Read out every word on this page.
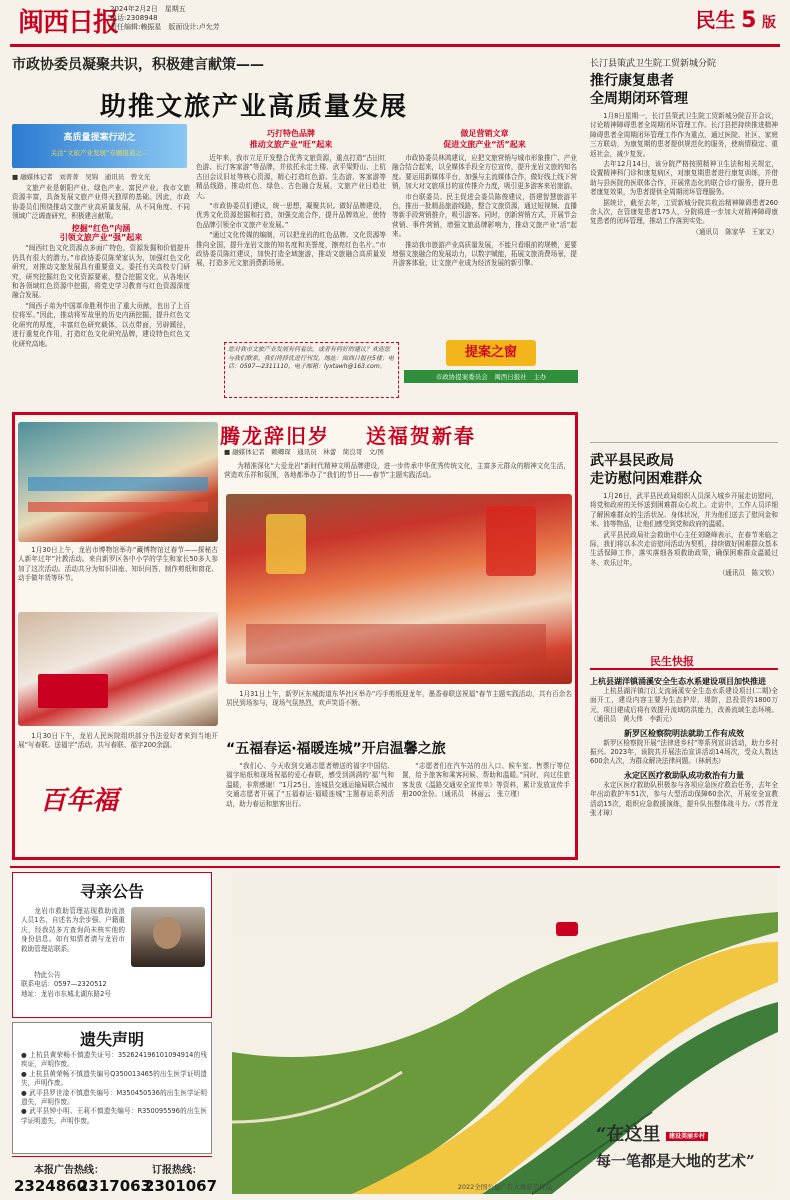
闽西日报
2024年2月2日　星期五
电话:2308948
责任编辑:赖振星　版面设计:卢允芳	民生 5 版
市政协委员凝聚共识，积极建言献策——
助推文旅产业高质量发展
高质量提案行动之
关注“文旅产业发展”专题报道之二
■ 融媒体记者　刘菁菁　吴锦　通讯员　曾文光

文旅产业是朝阳产业、绿色产业、富民产业。我市文旅资源丰富，具备发展文旅产业得天独厚的基础。因此，市政协委员们围绕推动文旅产业高质量发展，从不同角度、不同领域广泛调查研究，积极建言献策。

挖掘“红色”内涵
引领文旅产业“强”起来

“闽西红色文化资源点多面广特色，资源发掘和价值提升仍具有很大的潜力。”市政协委员陈荣家认为，加强红色文化研究，对推动文旅发展具有重要意义。委托有关高校专门研究，研究挖掘红色文化资源要素，整合挖掘文化，从各地区和各领域红色资源中挖掘，将党史学习教育与红色资源深度融合发展。

“闽西子弟为中国革命胜利作出了重大贡献，也出了上百位将军。”因此，推动将军故里的历史内涵挖掘，提升红色文化研究的厚度，丰富红色研究载体，以点带面，另辟蹊径，进行重复化作用，打造红色文化研究品牌，建设特色红色文化研究高地。

巧打特色品牌
推动文旅产业“旺”起来

近年来，我市立足开发整合优秀文旅资源，重点打造“古田红色游、长汀客家游”等品牌，并依托永定土楼、武平梁野山、上杭古田会议旧址等核心资源，精心打造红色游、生态游、客家游等精品线路，推动红色、绿色、古色融合发展，文旅产业日趋壮大。

“市政协委员们建议，统一思想，凝聚共识。做好品牌建设，优秀文化资源挖掘和打造，加强交流合作，提升品牌效应，使特色品牌引领全市文旅产业发展。”

“通过文化传媒的编制，可以把龙岩的红色品牌、文化资源等推向全国，提升龙岩文旅的知名度和美誉度，擦亮红色名片。”市政协委员陈红建议，加快打造全域旅游，推动文旅融合高质量发展，打造多元文旅消费新场景。

做足营销文章
促进文旅产业“活”起来

市政协委员林鸿建议，应把文旅营销与城市形象推广、产业融合结合起来，以全媒体手段全方位宣传，提升龙岩文旅的知名度。要运用新媒体平台，加强与主流媒体合作，做好线上线下营销，加大对文旅项目的宣传推介力度，吸引更多游客来岩旅游。

市台联委员、民主促进会委员陈俊建议，搭建智慧旅游平台，推出一批精品旅游线路，整合文旅资源，通过短视频、直播等新手段营销推介，吸引游客。同时，创新营销方式，开展节会营销、事件营销，增强文旅品牌影响力，推动文旅产业“活”起来。

推动我市旅游产业高质量发展，不能只看眼前的规模，更要增强文旅融合的发展动力，以数字赋能，拓展文旅消费场景，提升游客体验，让文旅产业成为经济发展的新引擎。

您对我市文旅产业发展有何看法，或者有何好的建议？欢迎您与我们联系，我们将择优进行刊发。地址：闽西日报社5楼；电话：0597—2311110，电子邮箱：lyxtawh@163.com。
提案之窗
市政协提案委员会　闽西日报社　主办
腾龙辞旧岁 送福贺新春
■ 融媒体记者　赖卿琛　通讯员　林蕾　简良哥　文/图
为精准深化“大爱龙岩”新时代精神文明品牌建设，进一步传承中华优秀传统文化，主富多元群众的精神文化生活，营造欢乐祥和氛围，各地都举办了“我们的节日——春节”主题实践活动。
1月30日上午，龙岩市博物馆举办“藏博物馆过春节——探秘古人新年过年”社教活动。来自新罗区各中小学的学生和家长50多人参加了这次活动。活动共分为知识讲座、知识问答、制作剪纸和窗花、动手做年货等环节。
1月30日下午，龙岩人民医院组织部分书法爱好者来到当地开展“写春联、送福字”活动，共写春联、福字200余副。
百年福
1月31日上午，新罗区东城街道东华社区举办“巧手剪纸迎龙年，墨香春联送祝福”春节主题实践活动，共有百余名居民到场参与，现场气氛热烈，欢声笑语不断。
“五福春运·福暖连城”开启温馨之旅
“我们心、今天收到交通志愿者赠送的福字中国结、福字贴纸和现场祝福的爱心春联，感受到满满的‘福’气和温暖，非常感谢！”1月25日，连城县交通运输局联合城市交通志愿者开展了“五福春运·福暖连城”主题春运系列活动，助力春运和旅客出行。
“志愿者们在汽车站的出入口、候车室、售票厅等位置，给予旅客和乘客问候、帮助和温暖。”同时，向过往旅客发放《温路交通安全宣传单》等资料，累计发放宣传手册200余份。（通讯员　林丽云　张立瑾）
长汀县策武卫生院工贸新城分院
推行康复患者
全周期闭环管理

1月8日星期一，长汀县策武卫生院工贸新城分院召开会议，讨论精神障碍患者全周期闭环管理工作。长汀县把持续推进精神障碍患者全周期闭环管理工作作为重点，通过医院、社区、家庭三方联动，为康复期的患者提供规范化的服务，使病情稳定、重返社会，减少复发。

去年12月14日，该分院严格按照精神卫生法和相关规定，设置精神科门诊和康复病区，对康复期患者进行康复训练，并借助与县医院的医联体合作，开展常态化的联合诊疗服务，提升患者康复效果，为患者提供全周期闭环管理服务。

据统计，截至去年，工贸新城分院共收治精神障碍患者260余人次，在管康复患者175人，分院将进一步加大对精神障碍康复患者的闭环管理，推动工作落到实处。

（通讯员　陈家华　王家文）
武平县民政局
走访慰问困难群众

1月26日，武平县民政局组织人员深入城乡开展走访慰问，将党和政府的关怀送到困难群众心坎上。走访中，工作人员详细了解困难群众的生活状况、身体状况，并为他们送去了慰问金和米、油等物品，让他们感受到党和政府的温暖。

武平县民政局社会救助中心主任刘晓峰表示，在春节来临之际，我们将以本次走访慰问活动为契机，持续做好困难群众基本生活保障工作，落实落细各项救助政策，确保困难群众温暖过冬、欢乐过年。

（通讯员　陈文钦）
民生快报
上杭县湖洋镇涌溪安全生态水系建设项目加快推进
上杭县湖洋镇汀江支流涌溪安全生态水系建设项目(二期)全面开工，建设内容主要为生态护岸、堤防，总投资约1800万元，项目建成后将有效提升流域防洪能力，改善流域生态环境。（通讯员　黄大伟　李新元）
新罗区检察院明法就助工作有成效
新罗区检察院开展“法律进乡村”等系列宣讲活动，助力乡村振兴。2023年，该院共开展法治宣讲活动14场次，受众人数达600余人次，为群众解决法律问题。（林炳杰）
永定区医疗救助队成功救治有力量
永定区医疗救助队积极参与各项应急医疗救治任务，去年全年出动救护车51次，参与大型活动保障60余次，开展安全宣教活动15次，组织应急救援演练，提升队伍整体战斗力。（苏青龙　张才璋）
寻亲公告
龙岩市救助管理站现救助流浪人员1名，自述名为余步强、户籍重庆，经我站多方查询尚未核实他的身份信息。如有知情者请与龙岩市救助管理站联系。
特此公告
联系电话：0597—2320512
地址：龙岩市东城北湖东路2号
遗失声明
● 上杭县黄荣畅不慎遗失证号：352624196101094914的残疾证，声明作废。
● 上杭县黄荣畅不慎遗失编号Q350013465的出生医学证明遗失，声明作废。
● 武平县罗世淦不慎遗失编号：M350450536的出生医学证明遗失，声明作废。
● 武平县钟小明、王莉不慎遗失编号：R350095596的出生医学证明遗失，声明作废。
本报广告热线：
2324860
2317063
订报热线：
2301067
“在这里 建设美丽乡村
每一笔都是大地的艺术”
2022全国公益广告大赛获奖作品
